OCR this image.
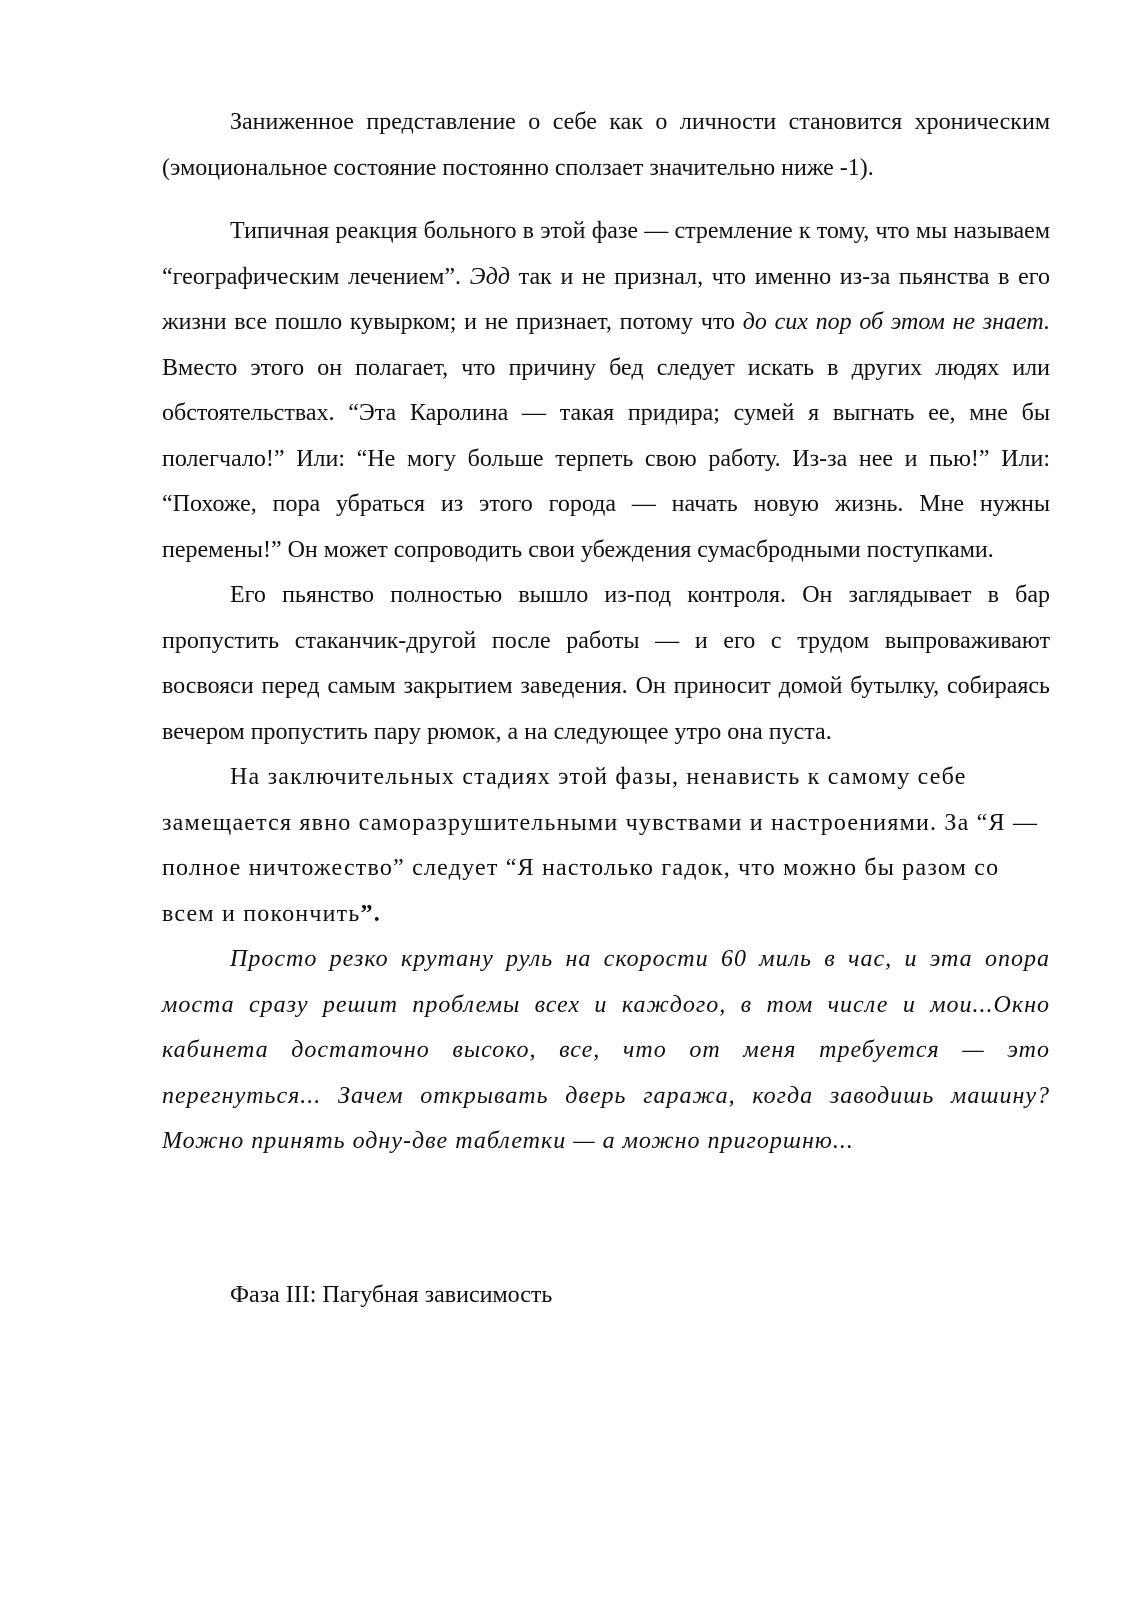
Заниженное представление о себе как о личности становится хроническим (эмоциональное состояние постоянно сползает значительно ниже -1).

Типичная реакция больного в этой фазе — стремление к тому, что мы называем “географическим лечением”. Эдд так и не признал, что именно из-за пьянства в его жизни все пошло кувырком; и не признает, потому что до сих пор об этом не знает. Вместо этого он полагает, что причину бед следует искать в других людях или обстоятельствах. “Эта Каролина — такая придира; сумей я выгнать ее, мне бы полегчало!” Или: “Не могу больше терпеть свою работу. Из-за нее и пью!” Или: “Похоже, пора убраться из этого города — начать новую жизнь. Мне нужны перемены!” Он может сопроводить свои убеждения сумасбродными поступками.

Его пьянство полностью вышло из-под контроля. Он заглядывает в бар пропустить стаканчик-другой после работы — и его с трудом выпроваживают восвояси перед самым закрытием заведения. Он приносит домой бутылку, собираясь вечером пропустить пару рюмок, а на следующее утро она пуста.

На заключительных стадиях этой фазы, ненависть к самому себе замещается явно саморазрушительными чувствами и настроениями. За “Я — полное ничтожество” следует “Я настолько гадок, что можно бы разом со всем и покончить”.

Просто резко крутану руль на скорости 60 миль в час, и эта опора моста сразу решит проблемы всех и каждого, в том числе и мои...Окно кабинета достаточно высоко, все, что от меня требуется — это перегнуться... Зачем открывать дверь гаража, когда заводишь машину? Можно принять одну-две таблетки — а можно пригоршню...

Фаза III: Пагубная зависимость
